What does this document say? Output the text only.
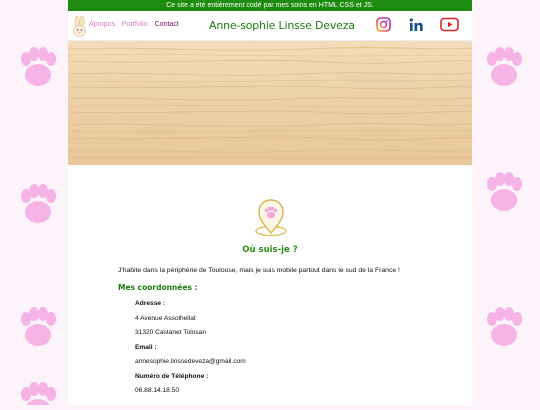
Ce site a été entièrement codé par mes soins en HTML CSS et JS.
Apropos Portfolio Contact	Anne-sophie Linsse Deveza
Où suis-je ?
J'habite dans la périphérie de Toulouse, mais je suis mobile partout dans le sud de la France !
Mes coordonnées :
Adresse :
4 Avenue Assolhellat
31320 Castanet Tolosan
Email :
annesophie.linssedeveza@gmail.com
Numéro de Téléphone :
06.88.14.18.50
